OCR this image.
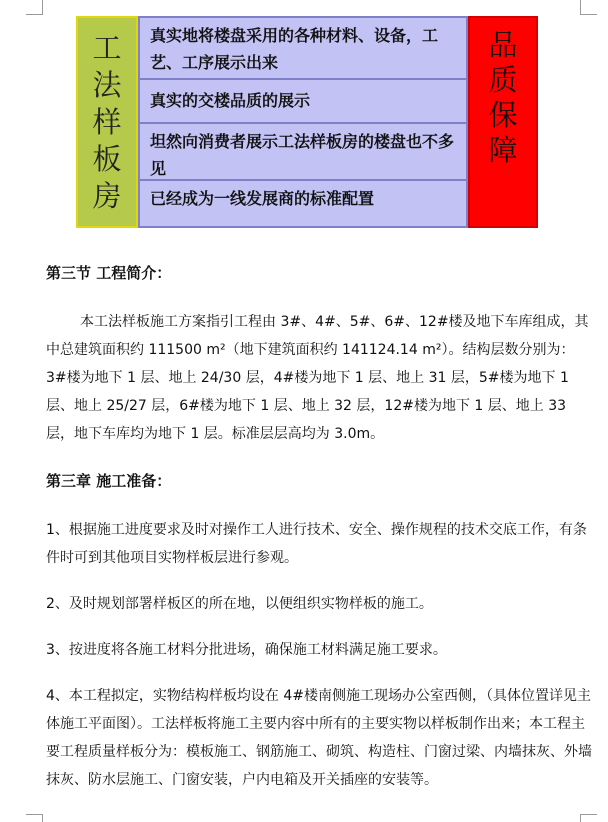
工
法
样
板
房
真实地将楼盘采用的各种材料、设备，工艺、工序展示出来
真实的交楼品质的展示
坦然向消费者展示工法样板房的楼盘也不多见
已经成为一线发展商的标准配置
品
质
保
障
第三节 工程简介：
本工法样板施工方案指引工程由 3#、4#、5#、6#、12#楼及地下车库组成，其中总建筑面积约 111500 m²（地下建筑面积约 141124.14 m²）。结构层数分别为：3#楼为地下 1 层、地上 24/30 层，4#楼为地下 1 层、地上 31 层，5#楼为地下 1 层、地上 25/27 层，6#楼为地下 1 层、地上 32 层，12#楼为地下 1 层、地上 33 层，地下车库均为地下 1 层。标准层层高均为 3.0m。
第三章 施工准备：
1、根据施工进度要求及时对操作工人进行技术、安全、操作规程的技术交底工作，有条件时可到其他项目实物样板层进行参观。
2、及时规划部署样板区的所在地，以便组织实物样板的施工。
3、按进度将各施工材料分批进场，确保施工材料满足施工要求。
4、本工程拟定，实物结构样板均设在 4#楼南侧施工现场办公室西侧，（具体位置详见主体施工平面图）。工法样板将施工主要内容中所有的主要实物以样板制作出来；本工程主要工程质量样板分为：模板施工、钢筋施工、砌筑、构造柱、门窗过梁、内墙抹灰、外墙抹灰、防水层施工、门窗安装，户内电箱及开关插座的安装等。
